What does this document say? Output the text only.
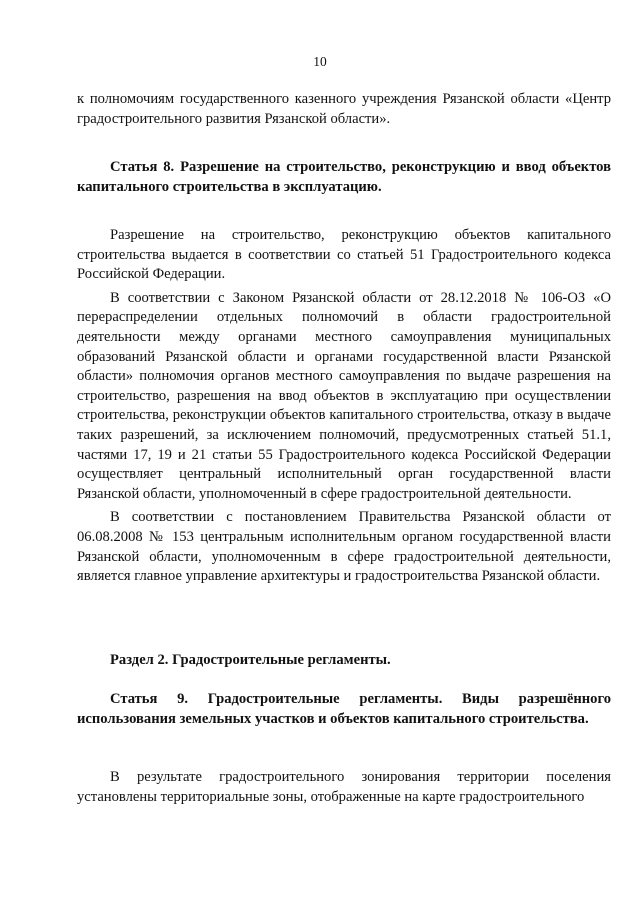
10

к полномочиям государственного казенного учреждения Рязанской области «Центр градостроительного развития Рязанской области».

Статья 8. Разрешение на строительство, реконструкцию и ввод объектов капитального строительства в эксплуатацию.

Разрешение на строительство, реконструкцию объектов капитального строительства выдается в соответствии со статьей 51 Градостроительного кодекса Российской Федерации.

В соответствии с Законом Рязанской области от 28.12.2018 № 106-ОЗ «О перераспределении отдельных полномочий в области градостроительной деятельности между органами местного самоуправления муниципальных образований Рязанской области и органами государственной власти Рязанской области» полномочия органов местного самоуправления по выдаче разрешения на строительство, разрешения на ввод объектов в эксплуатацию при осуществлении строительства, реконструкции объектов капитального строительства, отказу в выдаче таких разрешений, за исключением полномочий, предусмотренных статьей 51.1, частями 17, 19 и 21 статьи 55 Градостроительного кодекса Российской Федерации осуществляет центральный исполнительный орган государственной власти Рязанской области, уполномоченный в сфере градостроительной деятельности.

В соответствии с постановлением Правительства Рязанской области от 06.08.2008 № 153 центральным исполнительным органом государственной власти Рязанской области, уполномоченным в сфере градостроительной деятельности, является главное управление архитектуры и градостроительства Рязанской области.

Раздел 2. Градостроительные регламенты.

Статья 9. Градостроительные регламенты. Виды разрешённого использования земельных участков и объектов капитального строительства.

В результате градостроительного зонирования территории поселения установлены территориальные зоны, отображенные на карте градостроительного
